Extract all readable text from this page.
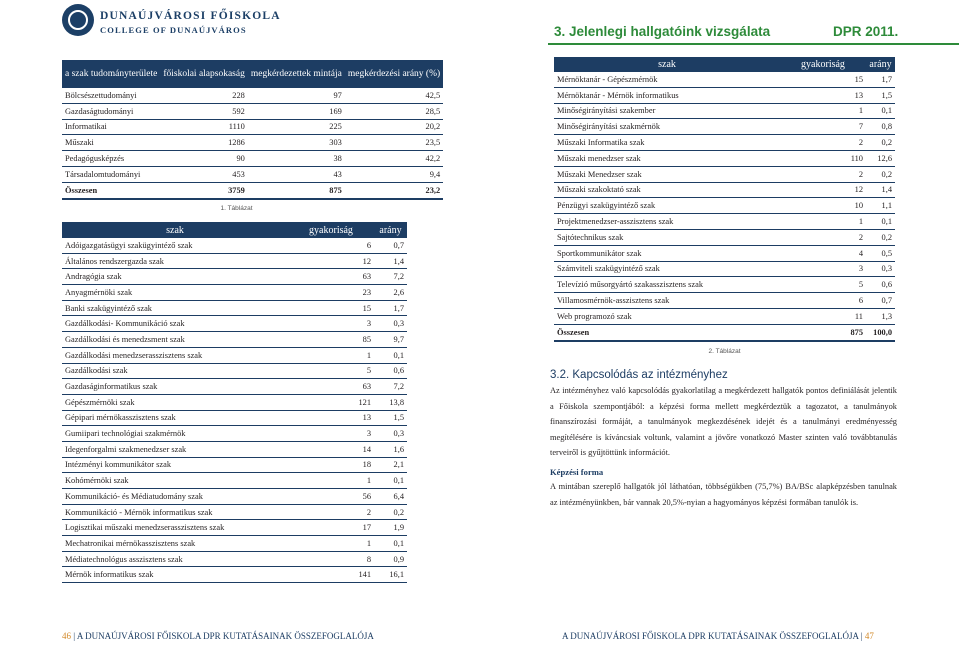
DUNAÚJVÁROSI FŐISKOLA
COLLEGE OF DUNAÚJVÁROS	3. Jelenlegi hallgatóink vizsgálata	DPR 2011.
a szak tudományterülete	főiskolai alapsokaság	megkérdezettek mintája	megkérdezési arány (%)
Bölcsészettudományi	228	97	42,5
Gazdaságtudományi	592	169	28,5
Informatikai	1110	225	20,2
Műszaki	1286	303	23,5
Pedagógusképzés	90	38	42,2
Társadalomtudományi	453	43	9,4
Összesen	3759	875	23,2
1. Táblázat
szak	gyakoriság	arány
Adóigazgatásügyi szakügyintéző szak	6	0,7
Általános rendszergazda szak	12	1,4
Andragógia szak	63	7,2
Anyagmérnöki szak	23	2,6
Banki szakügyintéző szak	15	1,7
Gazdálkodási- Kommunikáció szak	3	0,3
Gazdálkodási és menedzsment szak	85	9,7
Gazdálkodási menedzserasszisztens szak	1	0,1
Gazdálkodási szak	5	0,6
Gazdaságinformatikus szak	63	7,2
Gépészmérnöki szak	121	13,8
Gépipari mérnökasszisztens szak	13	1,5
Gumiipari technológiai szakmérnök	3	0,3
Idegenforgalmi szakmenedzser szak	14	1,6
Intézményi kommunikátor szak	18	2,1
Kohómérnöki szak	1	0,1
Kommunikáció- és Médiatudomány szak	56	6,4
Kommunikáció - Mérnök informatikus szak	2	0,2
Logisztikai műszaki menedzserasszisztens szak	17	1,9
Mechatronikai mérnökasszisztens szak	1	0,1
Médiatechnológus asszisztens szak	8	0,9
Mérnök informatikus szak	141	16,1
szak	gyakoriság	arány
Mérnöktanár - Gépészmérnök	15	1,7
Mérnöktanár - Mérnök informatikus	13	1,5
Minőségirányítási szakember	1	0,1
Minőségirányítási szakmérnök	7	0,8
Műszaki Informatika szak	2	0,2
Műszaki menedzser szak	110	12,6
Műszaki Menedzser szak	2	0,2
Műszaki szakoktató szak	12	1,4
Pénzügyi szakügyintéző szak	10	1,1
Projektmenedzser-asszisztens szak	1	0,1
Sajtótechnikus szak	2	0,2
Sportkommunikátor szak	4	0,5
Számviteli szakügyintéző szak	3	0,3
Televízió műsorgyártó szakasszisztens szak	5	0,6
Villamosmérnök-asszisztens szak	6	0,7
Web programozó szak	11	1,3
Összesen	875	100,0
2. Táblázat
3.2. Kapcsolódás az intézményhez
Az intézményhez való kapcsolódás gyakorlatilag a megkérdezett hallgatók pontos definiálását jelentik a Főiskola szempontjából: a képzési forma mellett megkérdeztük a tagozatot, a tanulmányok finanszírozási formáját, a tanulmányok megkezdésének idejét és a tanulmányi eredményesség megítélésére is kíváncsiak voltunk, valamint a jövőre vonatkozó Master szinten való továbbtanulás terveiről is gyűjtöttünk információt.
Képzési forma
A mintában szereplő hallgatók jól láthatóan, többségükben (75,7%) BA/BSc alapképzésben tanulnak az intézményünkben, bár vannak 20,5%-nyian a hagyományos képzési formában tanulók is.
46 | A DUNAÚJVÁROSI FŐISKOLA DPR KUTATÁSAINAK ÖSSZEFOGLALÓJA	A DUNAÚJVÁROSI FŐISKOLA DPR KUTATÁSAINAK ÖSSZEFOGLALÓJA | 47
